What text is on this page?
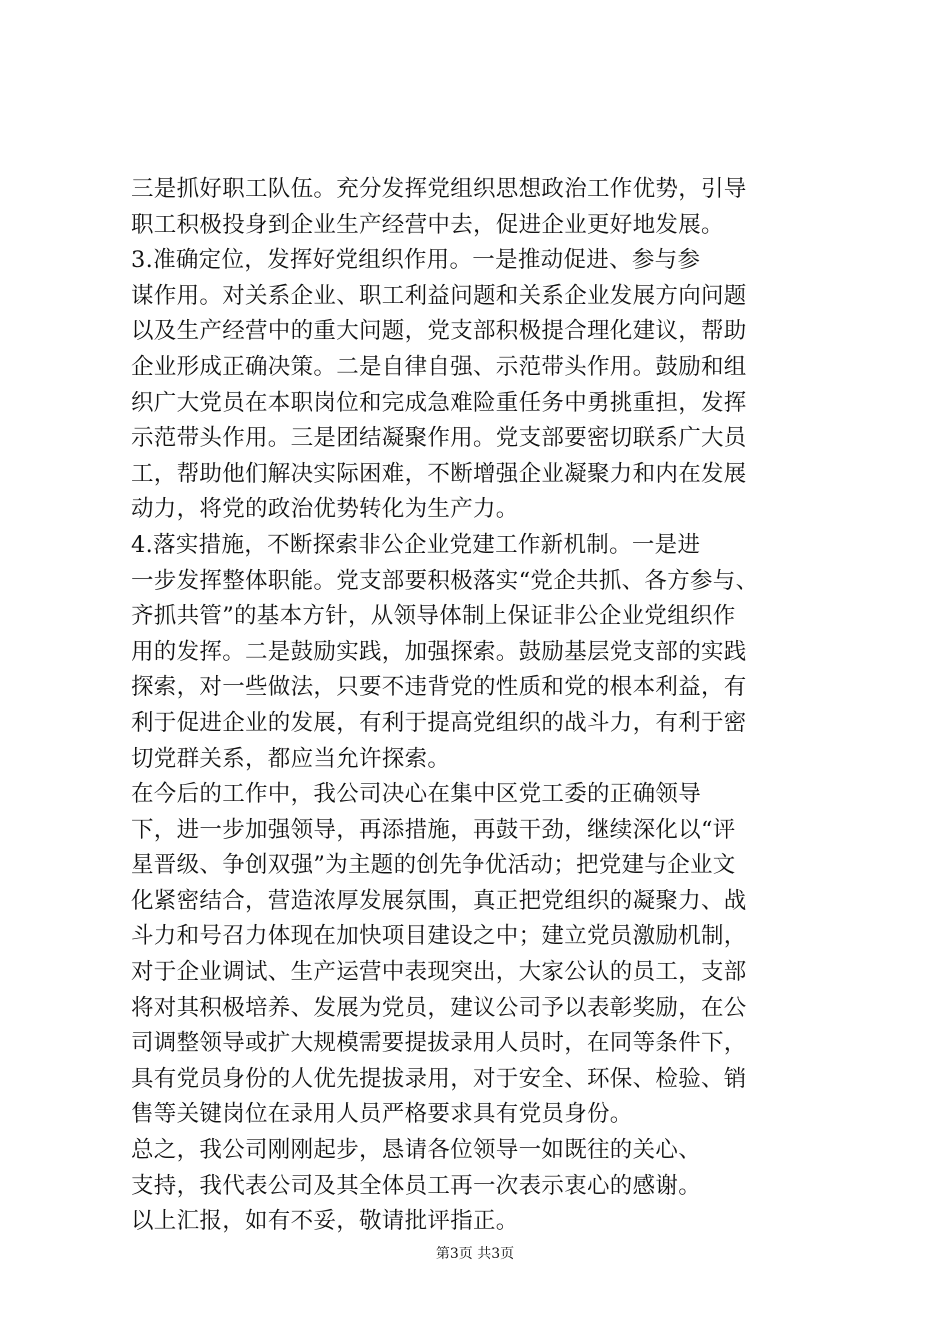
三是抓好职工队伍。充分发挥党组织思想政治工作优势，引导
职工积极投身到企业生产经营中去，促进企业更好地发展。
3.准确定位，发挥好党组织作用。一是推动促进、参与参
谋作用。对关系企业、职工利益问题和关系企业发展方向问题
以及生产经营中的重大问题，党支部积极提合理化建议，帮助
企业形成正确决策。二是自律自强、示范带头作用。鼓励和组
织广大党员在本职岗位和完成急难险重任务中勇挑重担，发挥
示范带头作用。三是团结凝聚作用。党支部要密切联系广大员
工，帮助他们解决实际困难，不断增强企业凝聚力和内在发展
动力，将党的政治优势转化为生产力。
4.落实措施，不断探索非公企业党建工作新机制。一是进
一步发挥整体职能。党支部要积极落实“党企共抓、各方参与、
齐抓共管”的基本方针，从领导体制上保证非公企业党组织作
用的发挥。二是鼓励实践，加强探索。鼓励基层党支部的实践
探索，对一些做法，只要不违背党的性质和党的根本利益，有
利于促进企业的发展，有利于提高党组织的战斗力，有利于密
切党群关系，都应当允许探索。
在今后的工作中，我公司决心在集中区党工委的正确领导
下，进一步加强领导，再添措施，再鼓干劲，继续深化以“评
星晋级、争创双强”为主题的创先争优活动；把党建与企业文
化紧密结合，营造浓厚发展氛围，真正把党组织的凝聚力、战
斗力和号召力体现在加快项目建设之中；建立党员激励机制，
对于企业调试、生产运营中表现突出，大家公认的员工，支部
将对其积极培养、发展为党员，建议公司予以表彰奖励，在公
司调整领导或扩大规模需要提拔录用人员时，在同等条件下，
具有党员身份的人优先提拔录用，对于安全、环保、检验、销
售等关键岗位在录用人员严格要求具有党员身份。
总之，我公司刚刚起步，恳请各位领导一如既往的关心、
支持，我代表公司及其全体员工再一次表示衷心的感谢。
以上汇报，如有不妥，敬请批评指正。
第3页 共3页
